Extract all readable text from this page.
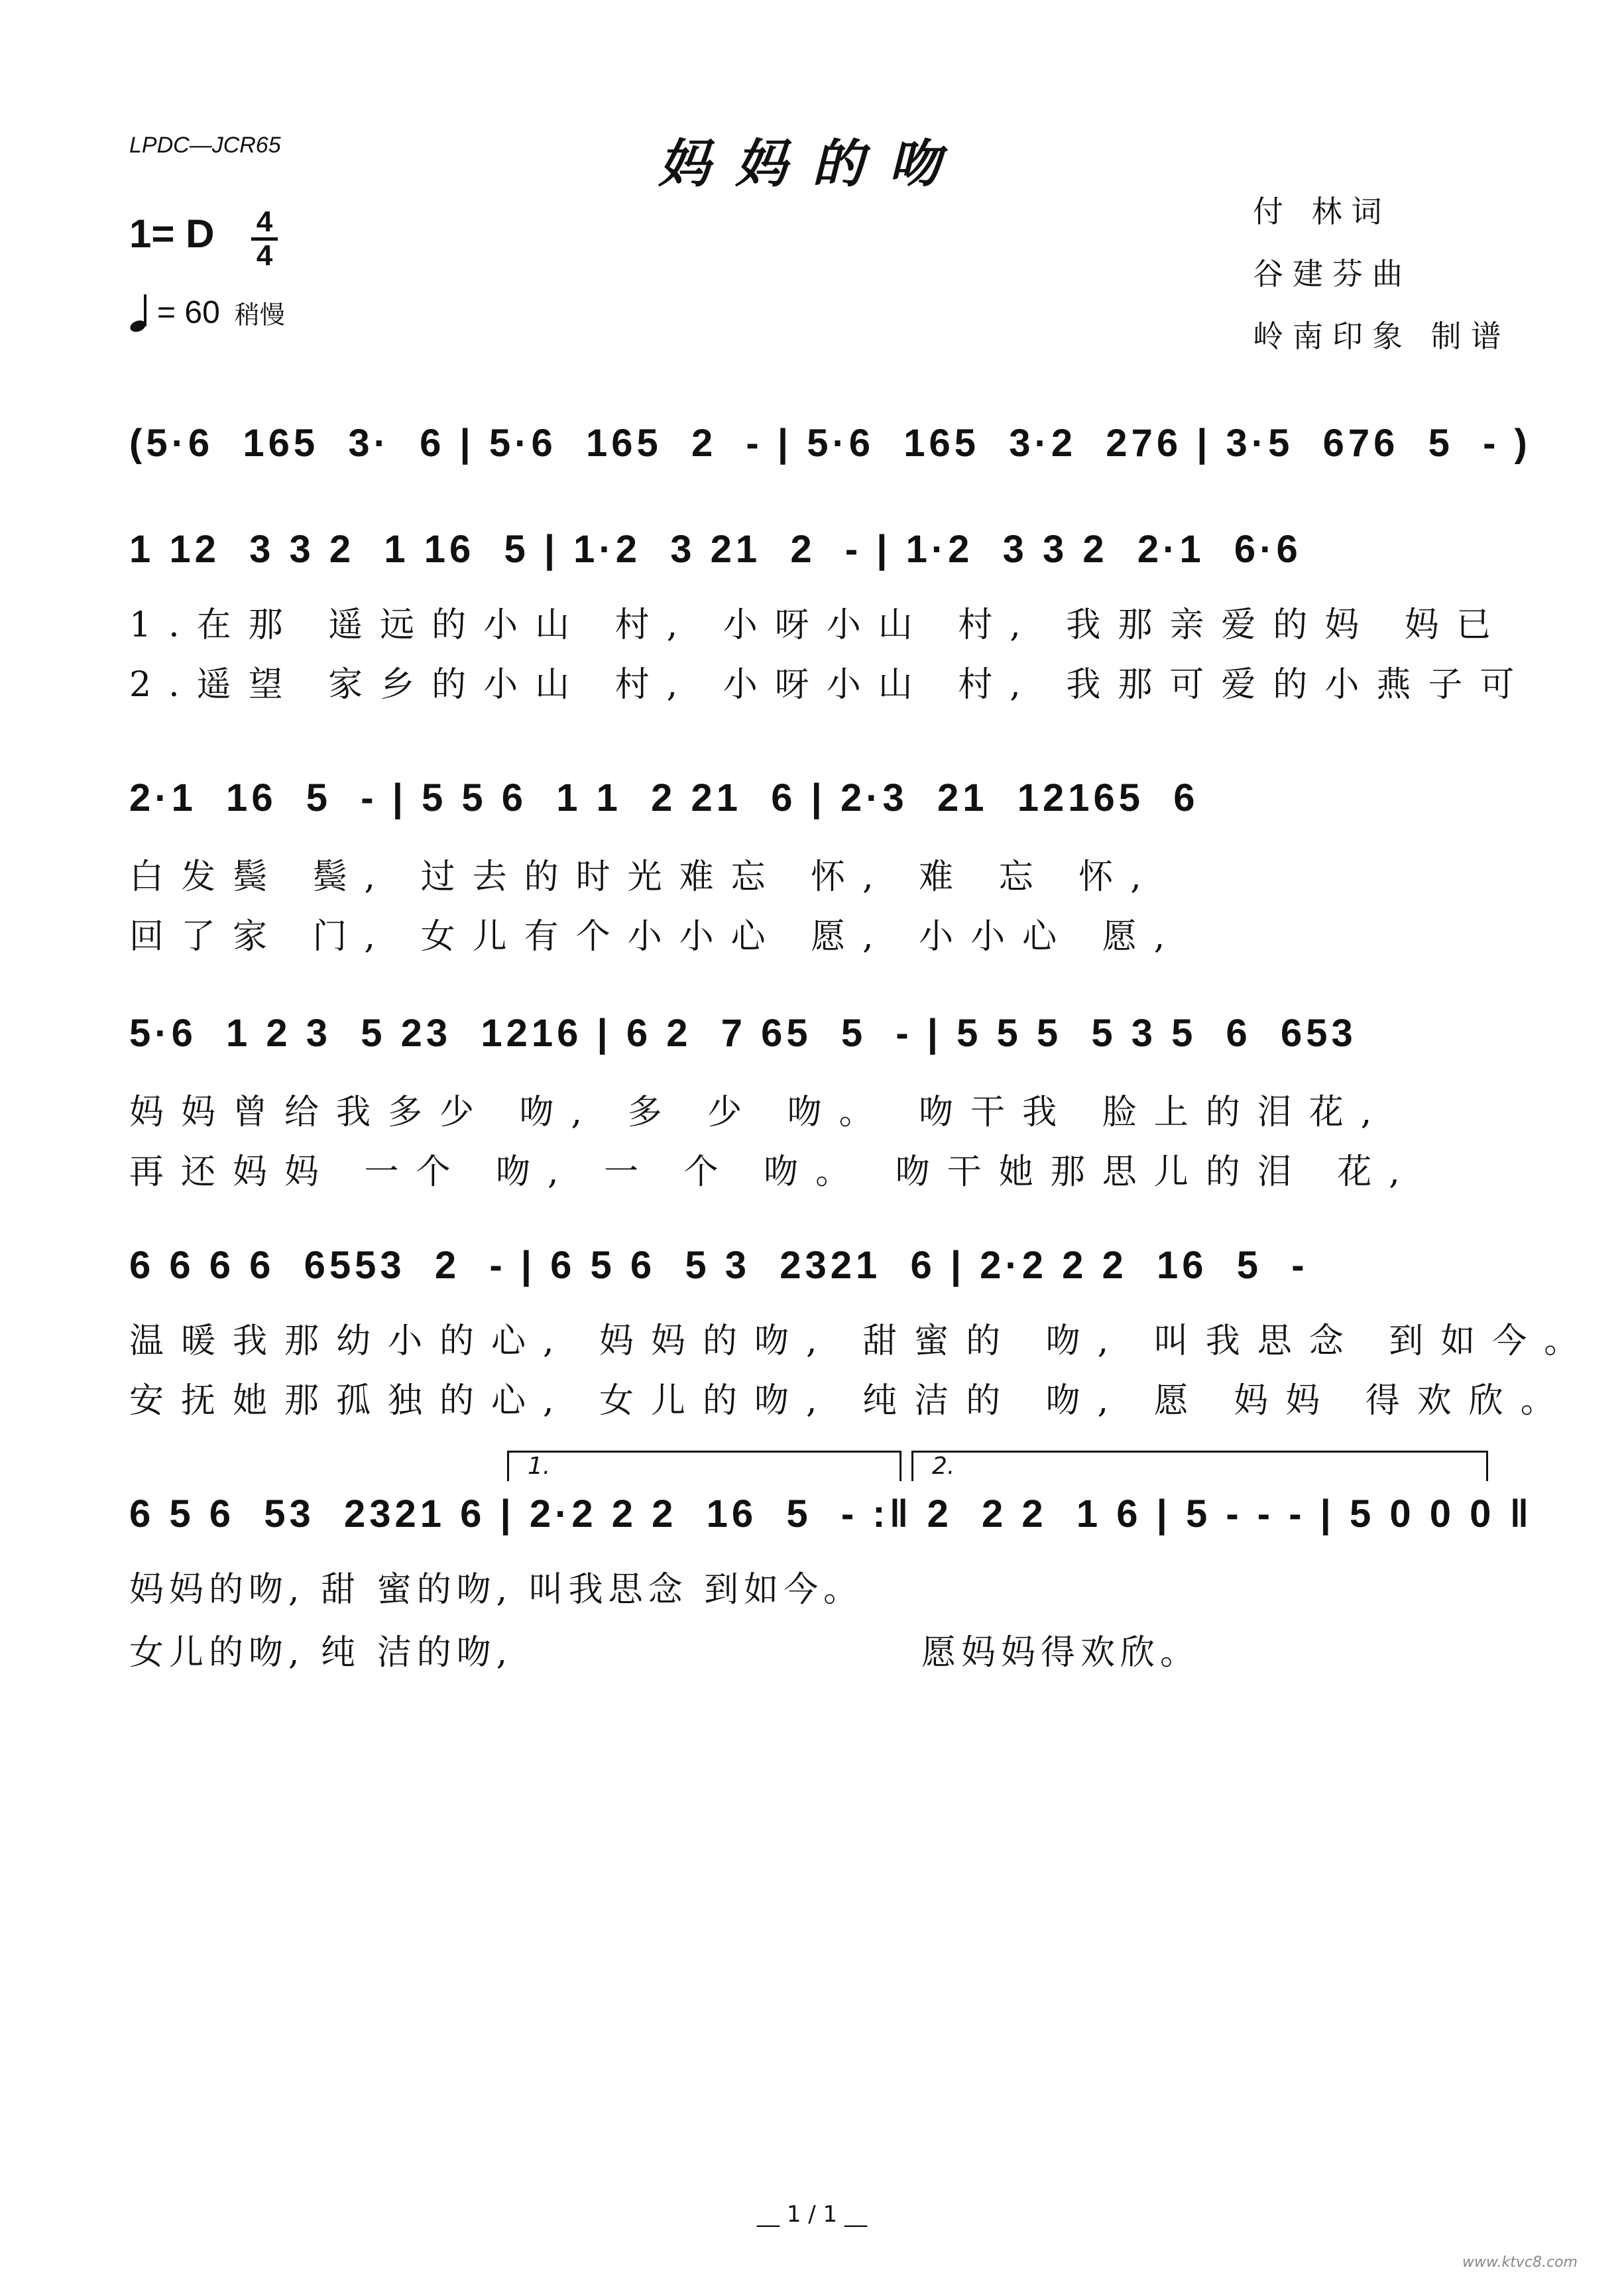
LPDC—JCR65	妈妈的吻
1= D 4
4
= 60 稍慢
付 林词
谷建芬曲
岭南印象 制谱
(5·6  165  3·  6 | 5·6  165  2  - | 5·6  165  3·2  276 | 3·5  676  5  - )
1 12  3 3 2  1 16  5 | 1·2  3 21  2  - | 1·2  3 3 2  2·1  6·6
1.在那 遥远的小山 村, 小呀小山 村, 我那亲爱的妈 妈已
2.遥望 家乡的小山 村, 小呀小山 村, 我那可爱的小燕子可
2·1  16  5  - | 5 5 6  1 1  2 21  6 | 2·3  21  12165  6
白发鬓 鬓, 过去的时光难忘 怀, 难 忘 怀,
回了家 门, 女儿有个小小心 愿, 小小心 愿,
5·6  1 2 3  5 23  1216 | 6 2  7 65  5  - | 5 5 5  5 3 5  6  653
妈妈曾给我多少 吻, 多 少 吻。 吻干我 脸上的泪花,
再还妈妈 一个 吻, 一 个 吻。 吻干她那思儿的泪 花,
6 6 6 6  6553  2  - | 6 5 6  5 3  2321  6 | 2·2 2 2  16  5  -
温暖我那幼小的心, 妈妈的吻, 甜蜜的 吻, 叫我思念 到如今。
安抚她那孤独的心, 女儿的吻, 纯洁的 吻, 愿 妈妈 得欢欣。
1.	2.
6 5 6  53  2321 6 | 2·2 2 2  16  5  - :‖ 2  2 2  1 6 | 5 - - - | 5 0 0 0 ‖
妈妈的吻, 甜 蜜的吻, 叫我思念 到如今。
女儿的吻, 纯 洁的吻,	愿妈妈得欢欣。
__ 1 / 1 __
www.ktvc8.com
